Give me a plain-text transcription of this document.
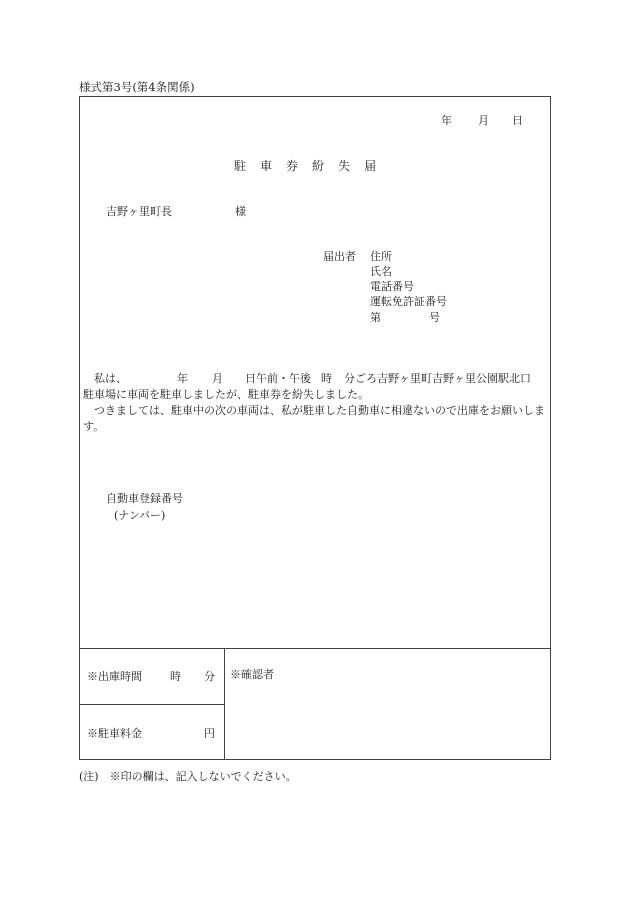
様式第3号(第4条関係)
年 月 日
駐 車 券 紛 失 届
吉野ヶ里町長	様
届出者 住所
氏名
電話番号
運転免許証番号
第	号

　私は、	年 月 日午前・午後 時 分ごろ吉野ヶ里町吉野ヶ里公園駅北口

駐車場に車両を駐車しましたが、駐車券を紛失しました。

　つきましては、駐車中の次の車両は、私が駐車した自動車に相違ないので出庫をお願いします。

自動車登録番号
(ナンバー)
※出庫時間	時 分 ※確認者
※駐車料金	円
(注)　※印の欄は、記入しないでください。
